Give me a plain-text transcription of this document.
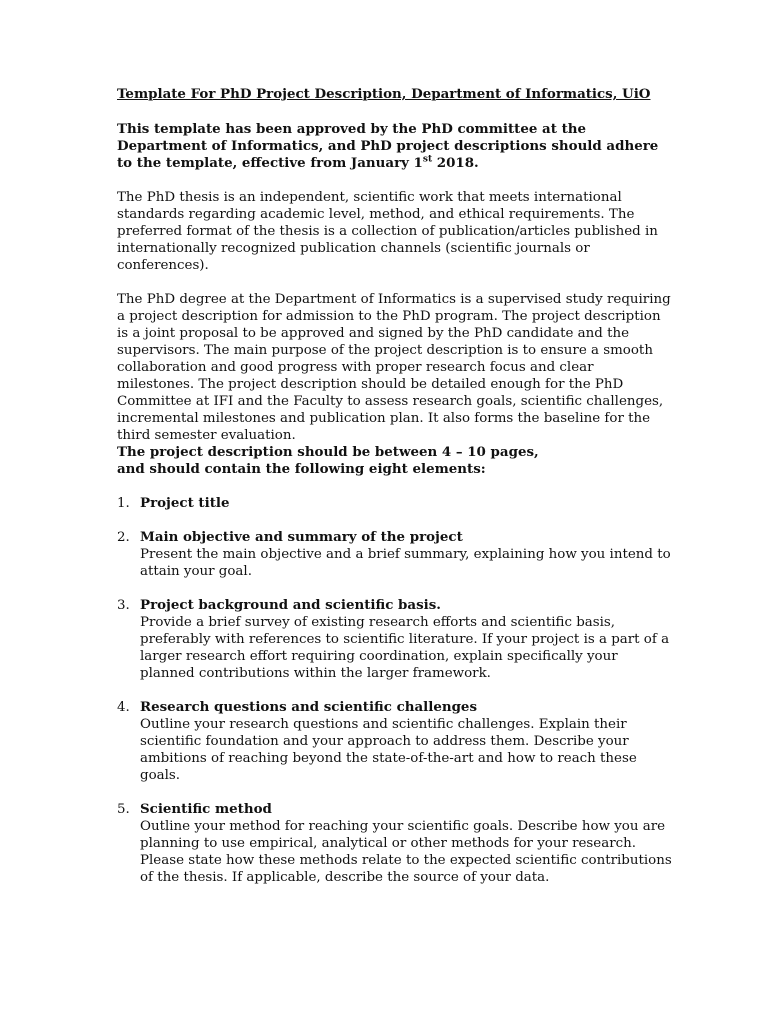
Template For PhD Project Description, Department of Informatics, UiO

This template has been approved by the PhD committee at the Department of Informatics, and PhD project descriptions should adhere to the template, effective from January 1st 2018.

The PhD thesis is an independent, scientific work that meets international standards regarding academic level, method, and ethical requirements. The preferred format of the thesis is a collection of publication/articles published in internationally recognized publication channels (scientific journals or conferences).

The PhD degree at the Department of Informatics is a supervised study requiring a project description for admission to the PhD program. The project description is a joint proposal to be approved and signed by the PhD candidate and the supervisors. The main purpose of the project description is to ensure a smooth collaboration and good progress with proper research focus and clear milestones. The project description should be detailed enough for the PhD Committee at IFI and the Faculty to assess research goals, scientific challenges, incremental milestones and publication plan. It also forms the baseline for the third semester evaluation.

The project description should be between 4 – 10 pages,

and should contain the following eight elements:

1. Project title
2. Main objective and summary of the project
Present the main objective and a brief summary, explaining how you intend to attain your goal.
3. Project background and scientific basis.
Provide a brief survey of existing research efforts and scientific basis, preferably with references to scientific literature. If your project is a part of a larger research effort requiring coordination, explain specifically your planned contributions within the larger framework.
4. Research questions and scientific challenges
Outline your research questions and scientific challenges. Explain their scientific foundation and your approach to address them. Describe your ambitions of reaching beyond the state-of-the-art and how to reach these goals.
5. Scientific method
Outline your method for reaching your scientific goals. Describe how you are planning to use empirical, analytical or other methods for your research. Please state how these methods relate to the expected scientific contributions of the thesis. If applicable, describe the source of your data.
